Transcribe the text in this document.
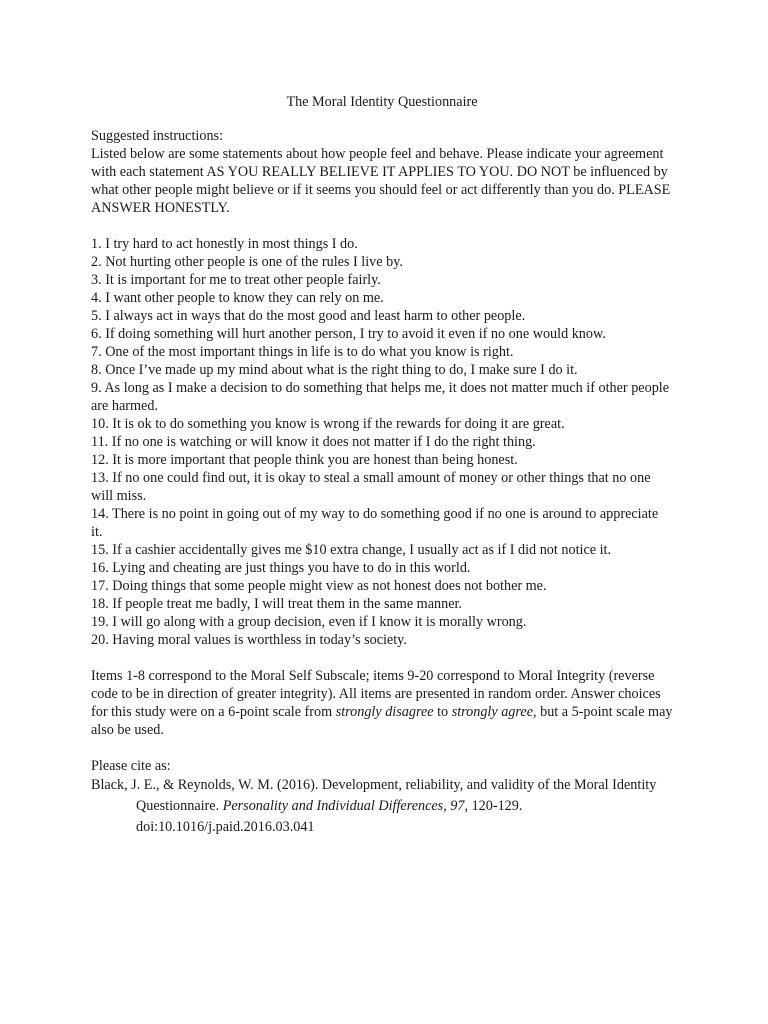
The Moral Identity Questionnaire

Suggested instructions:

Listed below are some statements about how people feel and behave. Please indicate your agreement with each statement AS YOU REALLY BELIEVE IT APPLIES TO YOU. DO NOT be influenced by what other people might believe or if it seems you should feel or act differently than you do. PLEASE ANSWER HONESTLY.

1. I try hard to act honestly in most things I do.
2. Not hurting other people is one of the rules I live by.
3. It is important for me to treat other people fairly.
4. I want other people to know they can rely on me.
5. I always act in ways that do the most good and least harm to other people.
6. If doing something will hurt another person, I try to avoid it even if no one would know.
7. One of the most important things in life is to do what you know is right.
8. Once I’ve made up my mind about what is the right thing to do, I make sure I do it.
9. As long as I make a decision to do something that helps me, it does not matter much if other people are harmed.
10. It is ok to do something you know is wrong if the rewards for doing it are great.
11. If no one is watching or will know it does not matter if I do the right thing.
12. It is more important that people think you are honest than being honest.
13. If no one could find out, it is okay to steal a small amount of money or other things that no one will miss.
14. There is no point in going out of my way to do something good if no one is around to appreciate it.
15. If a cashier accidentally gives me $10 extra change, I usually act as if I did not notice it.
16. Lying and cheating are just things you have to do in this world.
17. Doing things that some people might view as not honest does not bother me.
18. If people treat me badly, I will treat them in the same manner.
19. I will go along with a group decision, even if I know it is morally wrong.
20. Having moral values is worthless in today’s society.

Items 1-8 correspond to the Moral Self Subscale; items 9-20 correspond to Moral Integrity (reverse code to be in direction of greater integrity). All items are presented in random order. Answer choices for this study were on a 6-point scale from strongly disagree to strongly agree, but a 5-point scale may also be used.

Please cite as:

Black, J. E., & Reynolds, W. M. (2016). Development, reliability, and validity of the Moral Identity Questionnaire. Personality and Individual Differences, 97, 120-129.
doi:10.1016/j.paid.2016.03.041
